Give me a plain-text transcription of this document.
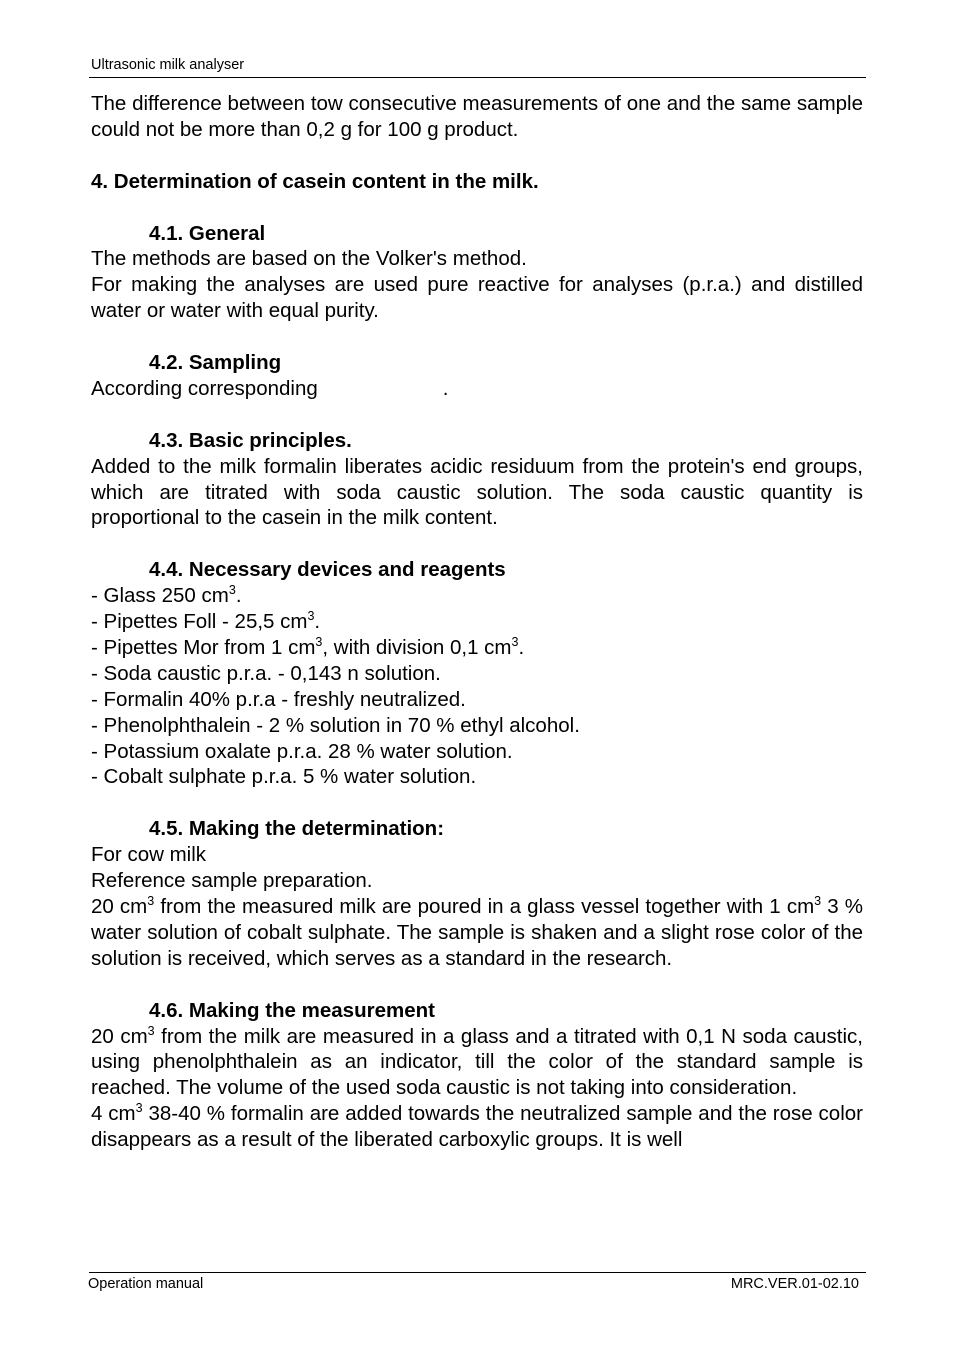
Ultrasonic milk analyser

The difference between tow consecutive measurements of one and the same sample could not be more than 0,2 g for 100 g product.

4. Determination of casein content in the milk.

4.1. General

The methods are based on the Volker's method.

For making the analyses are used pure reactive for analyses (p.r.a.) and distilled water or water with equal purity.

4.2. Sampling

According corresponding	.

4.3. Basic principles.

Added to the milk formalin liberates acidic residuum from the protein's end groups, which are titrated with soda caustic solution. The soda caustic quantity is proportional to the casein in the milk content.

4.4. Necessary devices and reagents

- Glass 250 $cm^3$.

- Pipettes Foll - 25,5 $cm^3$.

- Pipettes Mor from 1 $cm^3$, with division 0,1 $cm^3$.

- Soda caustic p.r.a. - 0,143 n solution.

- Formalin 40% p.r.a - freshly neutralized.

- Phenolphthalein - 2 % solution in 70 % ethyl alcohol.

- Potassium oxalate p.r.a. 28 % water solution.

- Cobalt sulphate p.r.a. 5 % water solution.

4.5. Making the determination:

For cow milk

Reference sample preparation.

20 $cm^3$ from the measured milk are poured in a glass vessel together with 1 $cm^3$ 3 % water solution of cobalt sulphate. The sample is shaken and a slight rose color of the solution is received, which serves as a standard in the research.

4.6. Making the measurement

20 $cm^3$ from the milk are measured in a glass and a titrated with 0,1 N soda caustic, using phenolphthalein as an indicator, till the color of the standard sample is reached. The volume of the used soda caustic is not taking into consideration.

4 $cm^3$ 38-40 % formalin are added towards the neutralized sample and the rose color disappears as a result of the liberated carboxylic groups. It is well

Operation manual	MRC.VER.01-02.10
